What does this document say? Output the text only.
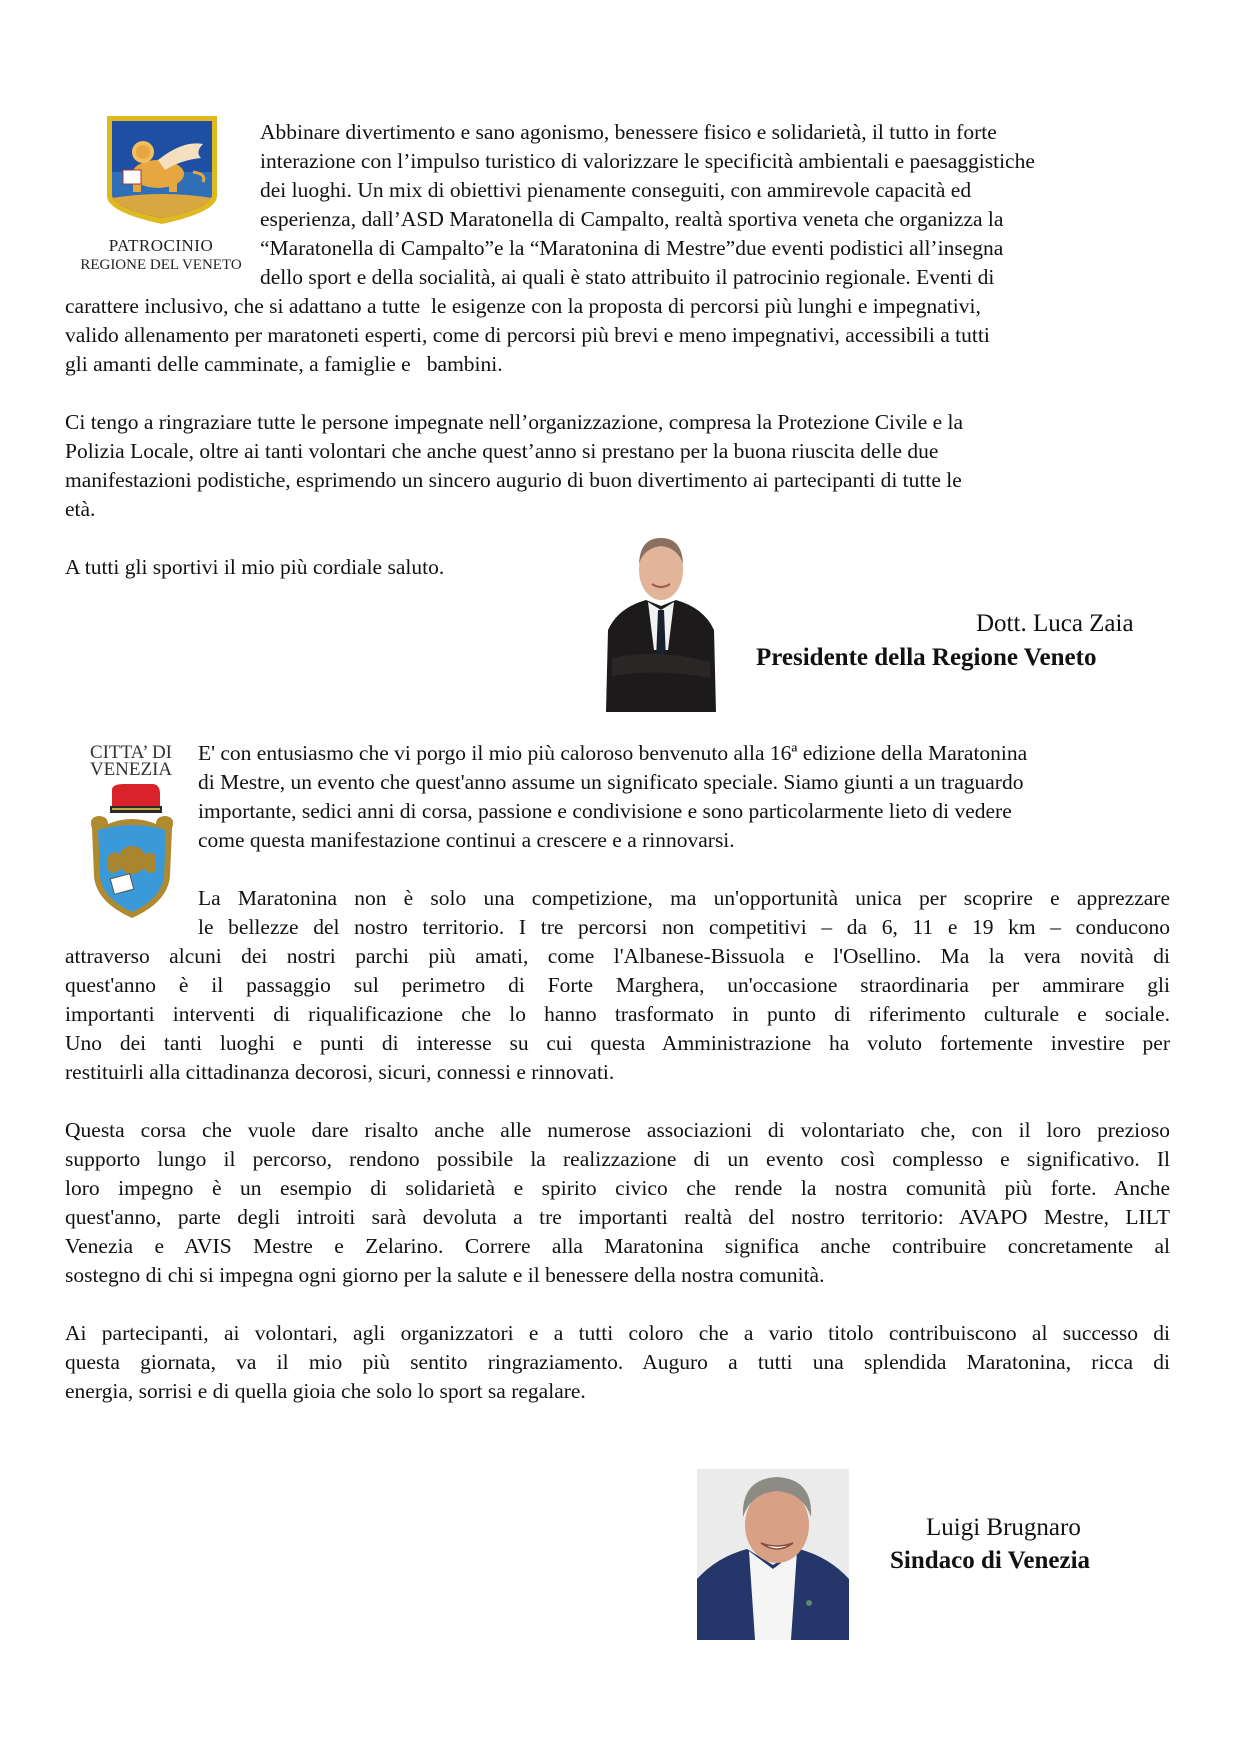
PATROCINIO
REGIONE DEL VENETO
Abbinare divertimento e sano agonismo, benessere fisico e solidarietà, il tutto in forte
interazione con l’impulso turistico di valorizzare le specificità ambientali e paesaggistiche
dei luoghi. Un mix di obiettivi pienamente conseguiti, con ammirevole capacità ed
esperienza, dall’ASD Maratonella di Campalto, realtà sportiva veneta che organizza la
“Maratonella di Campalto”e la “Maratonina di Mestre”due eventi podistici all’insegna
dello sport e della socialità, ai quali è stato attribuito il patrocinio regionale. Eventi di
carattere inclusivo, che si adattano a tutte  le esigenze con la proposta di percorsi più lunghi e impegnativi,
valido allenamento per maratoneti esperti, come di percorsi più brevi e meno impegnativi, accessibili a tutti
gli amanti delle camminate, a famiglie e   bambini.
Ci tengo a ringraziare tutte le persone impegnate nell’organizzazione, compresa la Protezione Civile e la
Polizia Locale, oltre ai tanti volontari che anche quest’anno si prestano per la buona riuscita delle due
manifestazioni podistiche, esprimendo un sincero augurio di buon divertimento ai partecipanti di tutte le
età.
A tutti gli sportivi il mio più cordiale saluto.
Dott. Luca Zaia
Presidente della Regione Veneto
CITTA’ DI
VENEZIA
E' con entusiasmo che vi porgo il mio più caloroso benvenuto alla 16ª edizione della Maratonina
di Mestre, un evento che quest'anno assume un significato speciale. Siamo giunti a un traguardo
importante, sedici anni di corsa, passione e condivisione e sono particolarmente lieto di vedere
come questa manifestazione continui a crescere e a rinnovarsi.
La Maratonina non è solo una competizione, ma un'opportunità unica per scoprire e apprezzare
le bellezze del nostro territorio. I tre percorsi non competitivi – da 6, 11 e 19 km – conducono
attraverso alcuni dei nostri parchi più amati, come l'Albanese-Bissuola e l'Osellino. Ma la vera novità di
quest'anno è il passaggio sul perimetro di Forte Marghera, un'occasione straordinaria per ammirare gli
importanti interventi di riqualificazione che lo hanno trasformato in punto di riferimento culturale e sociale.
Uno dei tanti luoghi e punti di interesse su cui questa Amministrazione ha voluto fortemente investire per
restituirli alla cittadinanza decorosi, sicuri, connessi e rinnovati.
Questa corsa che vuole dare risalto anche alle numerose associazioni di volontariato che, con il loro prezioso
supporto lungo il percorso, rendono possibile la realizzazione di un evento così complesso e significativo. Il
loro impegno è un esempio di solidarietà e spirito civico che rende la nostra comunità più forte. Anche
quest'anno, parte degli introiti sarà devoluta a tre importanti realtà del nostro territorio: AVAPO Mestre, LILT
Venezia e AVIS Mestre e Zelarino. Correre alla Maratonina significa anche contribuire concretamente al
sostegno di chi si impegna ogni giorno per la salute e il benessere della nostra comunità.
Ai partecipanti, ai volontari, agli organizzatori e a tutti coloro che a vario titolo contribuiscono al successo di
questa giornata, va il mio più sentito ringraziamento. Auguro a tutti una splendida Maratonina, ricca di
energia, sorrisi e di quella gioia che solo lo sport sa regalare.
Luigi Brugnaro
Sindaco di Venezia
